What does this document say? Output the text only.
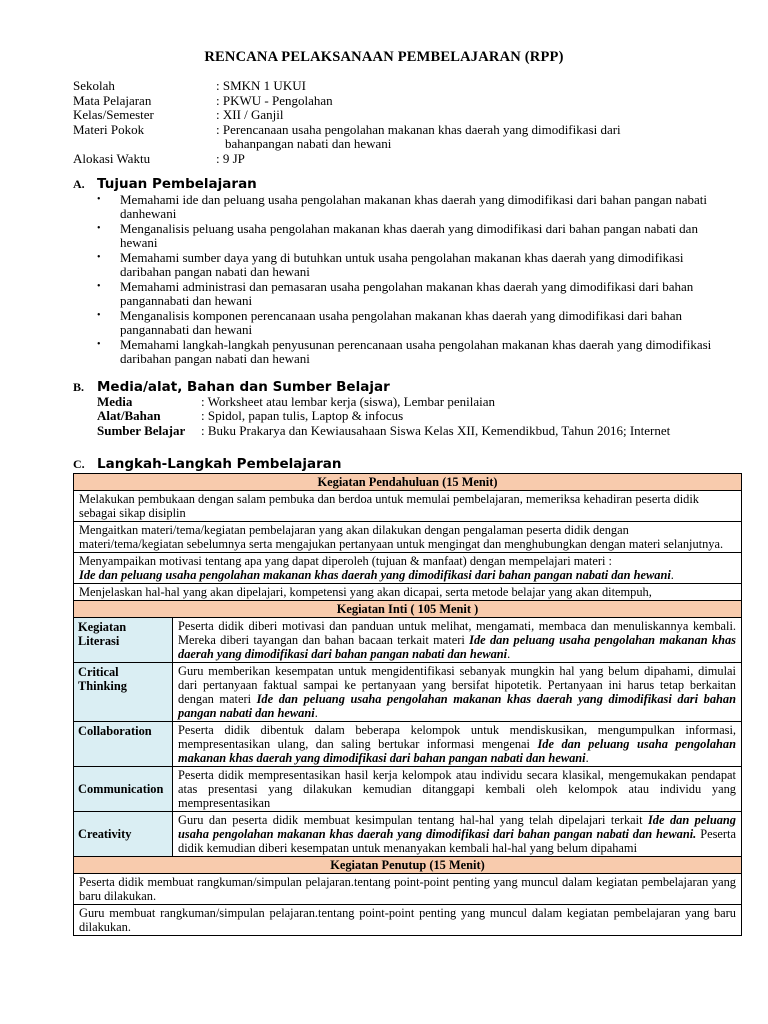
RENCANA PELAKSANAAN PEMBELAJARAN (RPP)
Sekolah	: SMKN 1 UKUI
Mata Pelajaran	: PKWU - Pengolahan
Kelas/Semester	: XII / Ganjil
Materi Pokok	: Perencanaan usaha pengolahan makanan khas daerah yang dimodifikasi dari
bahanpangan nabati dan hewani
Alokasi Waktu	: 9 JP
A. Tujuan Pembelajaran
• Memahami ide dan peluang usaha pengolahan makanan khas daerah yang dimodifikasi dari bahan pangan nabati danhewani
• Menganalisis peluang usaha pengolahan makanan khas daerah yang dimodifikasi dari bahan pangan nabati dan hewani
• Memahami sumber daya yang di butuhkan untuk usaha pengolahan makanan khas daerah yang dimodifikasi daribahan pangan nabati dan hewani
• Memahami administrasi dan pemasaran usaha pengolahan makanan khas daerah yang dimodifikasi dari bahan pangannabati dan hewani
• Menganalisis komponen perencanaan usaha pengolahan makanan khas daerah yang dimodifikasi dari bahan pangannabati dan hewani
• Memahami langkah-langkah penyusunan perencanaan usaha pengolahan makanan khas daerah yang dimodifikasi daribahan pangan nabati dan hewani
B. Media/alat, Bahan dan Sumber Belajar
Media	: Worksheet atau lembar kerja (siswa), Lembar penilaian
Alat/Bahan	: Spidol, papan tulis, Laptop & infocus
Sumber Belajar	: Buku Prakarya dan Kewiausahaan Siswa Kelas XII, Kemendikbud, Tahun 2016; Internet
C. Langkah-Langkah Pembelajaran
Kegiatan Pendahuluan (15 Menit)	
Melakukan pembukaan dengan salam pembuka dan berdoa untuk memulai pembelajaran, memeriksa kehadiran peserta didik sebagai sikap disiplin	
Mengaitkan materi/tema/kegiatan pembelajaran yang akan dilakukan dengan pengalaman peserta didik dengan materi/tema/kegiatan sebelumnya serta mengajukan pertanyaan untuk mengingat dan menghubungkan dengan materi selanjutnya.	
Menyampaikan motivasi tentang apa yang dapat diperoleh (tujuan & manfaat) dengan mempelajari materi :
Ide dan peluang usaha pengolahan makanan khas daerah yang dimodifikasi dari bahan pangan nabati dan hewani.	
Menjelaskan hal-hal yang akan dipelajari, kompetensi yang akan dicapai, serta metode belajar yang akan ditempuh,	
Kegiatan Inti ( 105 Menit )	
Kegiatan Literasi	Peserta didik diberi motivasi dan panduan untuk melihat, mengamati, membaca dan menuliskannya kembali. Mereka diberi tayangan dan bahan bacaan terkait materi Ide dan peluang usaha pengolahan makanan khas daerah yang dimodifikasi dari bahan pangan nabati dan hewani.
Critical Thinking	Guru memberikan kesempatan untuk mengidentifikasi sebanyak mungkin hal yang belum dipahami, dimulai dari pertanyaan faktual sampai ke pertanyaan yang bersifat hipotetik. Pertanyaan ini harus tetap berkaitan dengan materi Ide dan peluang usaha pengolahan makanan khas daerah yang dimodifikasi dari bahan pangan nabati dan hewani.
Collaboration	Peserta didik dibentuk dalam beberapa kelompok untuk mendiskusikan, mengumpulkan informasi, mempresentasikan ulang, dan saling bertukar informasi mengenai Ide dan peluang usaha pengolahan makanan khas daerah yang dimodifikasi dari bahan pangan nabati dan hewani.
Communication	Peserta didik mempresentasikan hasil kerja kelompok atau individu secara klasikal, mengemukakan pendapat atas presentasi yang dilakukan kemudian ditanggapi kembali oleh kelompok atau individu yang mempresentasikan
Creativity	Guru dan peserta didik membuat kesimpulan tentang hal-hal yang telah dipelajari terkait Ide dan peluang usaha pengolahan makanan khas daerah yang dimodifikasi dari bahan pangan nabati dan hewani. Peserta didik kemudian diberi kesempatan untuk menanyakan kembali hal-hal yang belum dipahami
Kegiatan Penutup (15 Menit)	
Peserta didik membuat rangkuman/simpulan pelajaran.tentang point-point penting yang muncul dalam kegiatan pembelajaran yang baru dilakukan.	
Guru membuat rangkuman/simpulan pelajaran.tentang point-point penting yang muncul dalam kegiatan pembelajaran yang baru dilakukan.	
